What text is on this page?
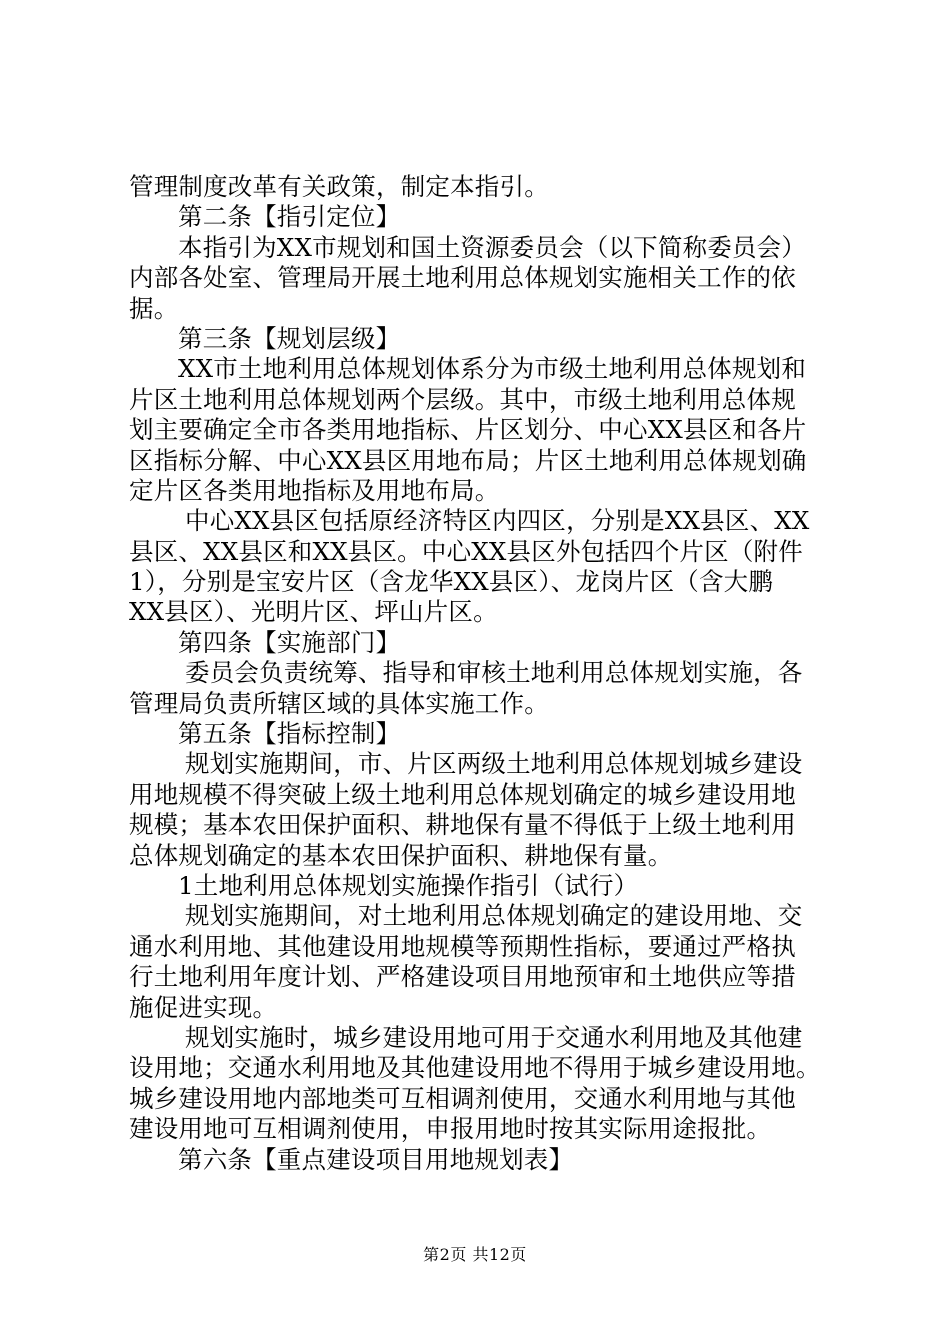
管理制度改革有关政策，制定本指引。
第二条【指引定位】
本指引为XX市规划和国土资源委员会（以下简称委员会）
内部各处室、管理局开展土地利用总体规划实施相关工作的依
据。
第三条【规划层级】
XX市土地利用总体规划体系分为市级土地利用总体规划和
片区土地利用总体规划两个层级。其中，市级土地利用总体规
划主要确定全市各类用地指标、片区划分、中心XX县区和各片
区指标分解、中心XX县区用地布局；片区土地利用总体规划确
定片区各类用地指标及用地布局。
中心XX县区包括原经济特区内四区，分别是XX县区、XX
县区、XX县区和XX县区。中心XX县区外包括四个片区（附件
1），分别是宝安片区（含龙华XX县区）、龙岗片区（含大鹏
XX县区）、光明片区、坪山片区。
第四条【实施部门】
委员会负责统筹、指导和审核土地利用总体规划实施，各
管理局负责所辖区域的具体实施工作。
第五条【指标控制】
规划实施期间，市、片区两级土地利用总体规划城乡建设
用地规模不得突破上级土地利用总体规划确定的城乡建设用地
规模；基本农田保护面积、耕地保有量不得低于上级土地利用
总体规划确定的基本农田保护面积、耕地保有量。
1土地利用总体规划实施操作指引（试行）
规划实施期间，对土地利用总体规划确定的建设用地、交
通水利用地、其他建设用地规模等预期性指标，要通过严格执
行土地利用年度计划、严格建设项目用地预审和土地供应等措
施促进实现。
规划实施时，城乡建设用地可用于交通水利用地及其他建
设用地；交通水利用地及其他建设用地不得用于城乡建设用地。
城乡建设用地内部地类可互相调剂使用，交通水利用地与其他
建设用地可互相调剂使用，申报用地时按其实际用途报批。
第六条【重点建设项目用地规划表】
第2页 共12页
